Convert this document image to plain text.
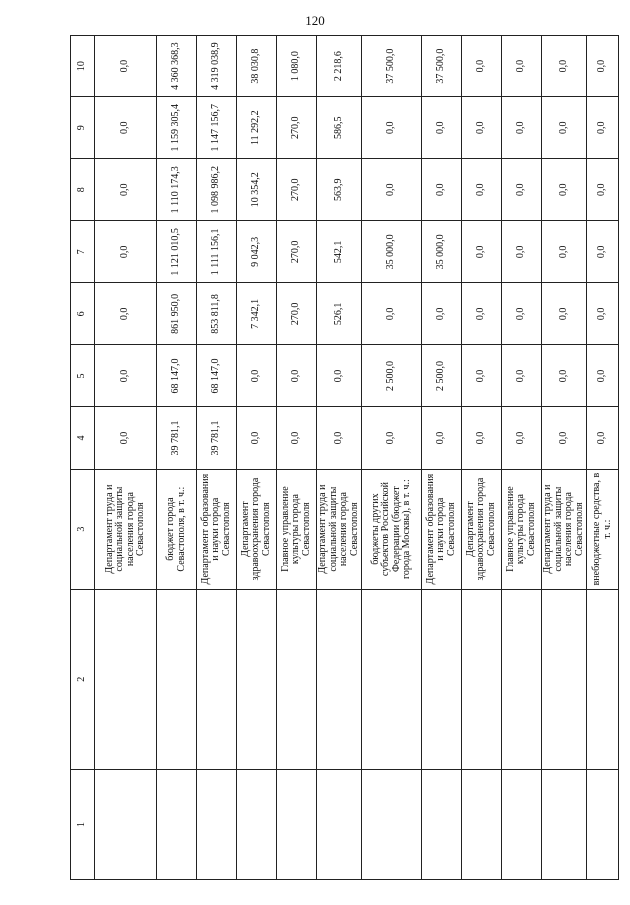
120
1	2	3	4	5	6	7	8	9	10
		Департамент труда и социальной защиты населения города Севастополя	0,0	0,0	0,0	0,0	0,0	0,0	0,0
		бюджет города Севастополя, в т. ч.:	39 781,1	68 147,0	861 950,0	1 121 010,5	1 110 174,3	1 159 305,4	4 360 368,3
		Департамент образования и науки города Севастополя	39 781,1	68 147,0	853 811,8	1 111 156,1	1 098 986,2	1 147 156,7	4 319 038,9
		Департамент здравоохранения города Севастополя	0,0	0,0	7 342,1	9 042,3	10 354,2	11 292,2	38 030,8
		Главное управление культуры города Севастополя	0,0	0,0	270,0	270,0	270,0	270,0	1 080,0
		Департамент труда и социальной защиты населения города Севастополя	0,0	0,0	526,1	542,1	563,9	586,5	2 218,6
		бюджеты других субъектов Российской Федерации (бюджет города Москвы), в т. ч.:	0,0	2 500,0	0,0	35 000,0	0,0	0,0	37 500,0
		Департамент образования и науки города Севастополя	0,0	2 500,0	0,0	35 000,0	0,0	0,0	37 500,0
		Департамент здравоохранения города Севастополя	0,0	0,0	0,0	0,0	0,0	0,0	0,0
		Главное управление культуры города Севастополя	0,0	0,0	0,0	0,0	0,0	0,0	0,0
		Департамент труда и социальной защиты населения города Севастополя	0,0	0,0	0,0	0,0	0,0	0,0	0,0
		внебюджетные средства, в т. ч.:	0,0	0,0	0,0	0,0	0,0	0,0	0,0
